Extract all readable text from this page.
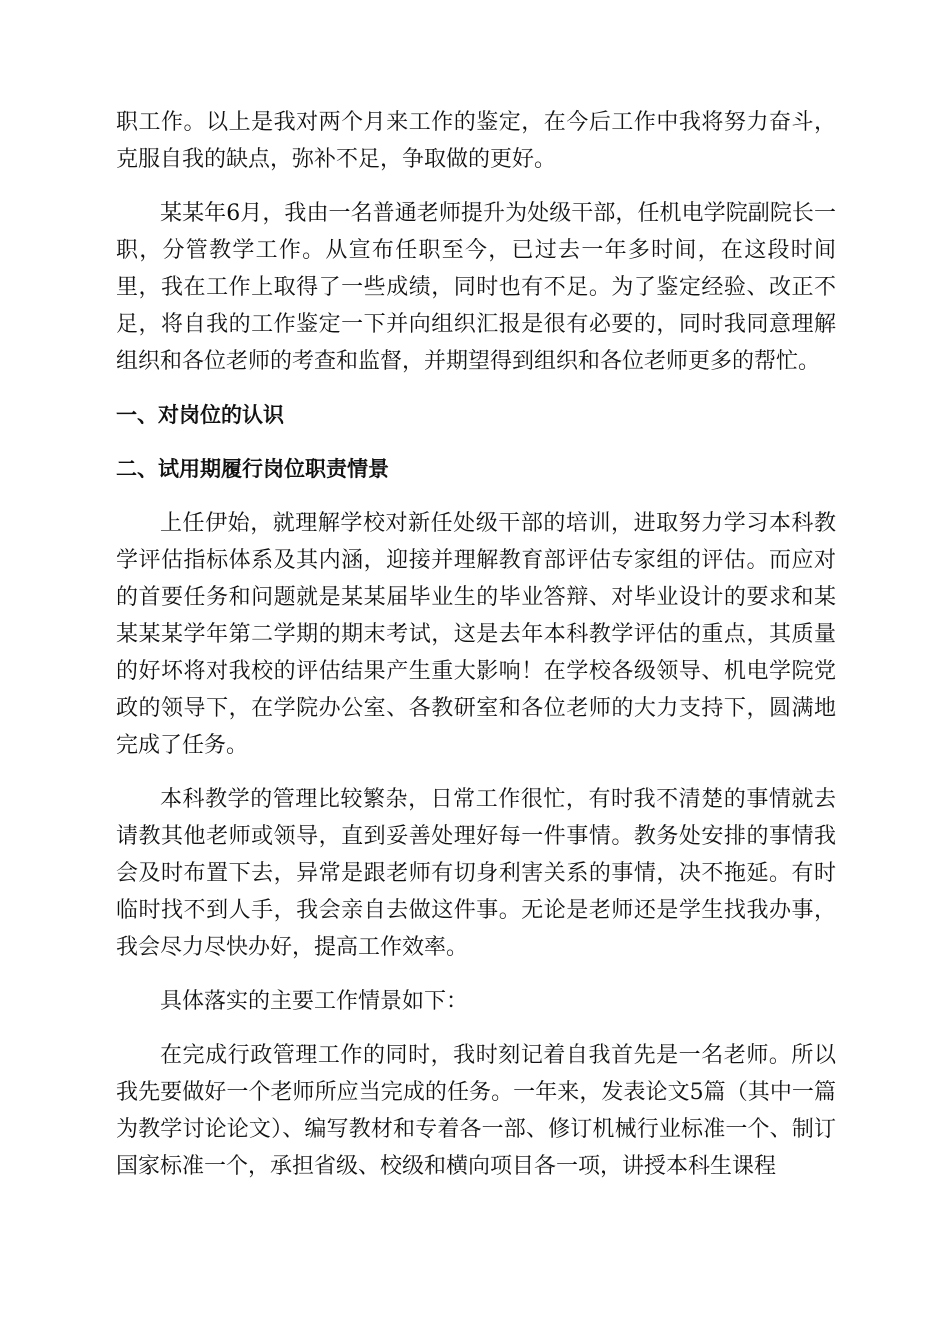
职工作。以上是我对两个月来工作的鉴定，在今后工作中我将努力奋斗，克服自我的缺点，弥补不足，争取做的更好。

某某年6月，我由一名普通老师提升为处级干部，任机电学院副院长一职，分管教学工作。从宣布任职至今，已过去一年多时间，在这段时间里，我在工作上取得了一些成绩，同时也有不足。为了鉴定经验、改正不足，将自我的工作鉴定一下并向组织汇报是很有必要的，同时我同意理解组织和各位老师的考查和监督，并期望得到组织和各位老师更多的帮忙。

一、对岗位的认识
二、试用期履行岗位职责情景

上任伊始，就理解学校对新任处级干部的培训，进取努力学习本科教学评估指标体系及其内涵，迎接并理解教育部评估专家组的评估。而应对的首要任务和问题就是某某届毕业生的毕业答辩、对毕业设计的要求和某某某某学年第二学期的期末考试，这是去年本科教学评估的重点，其质量的好坏将对我校的评估结果产生重大影响！在学校各级领导、机电学院党政的领导下，在学院办公室、各教研室和各位老师的大力支持下，圆满地完成了任务。

本科教学的管理比较繁杂，日常工作很忙，有时我不清楚的事情就去请教其他老师或领导，直到妥善处理好每一件事情。教务处安排的事情我会及时布置下去，异常是跟老师有切身利害关系的事情，决不拖延。有时临时找不到人手，我会亲自去做这件事。无论是老师还是学生找我办事，我会尽力尽快办好，提高工作效率。

具体落实的主要工作情景如下：

在完成行政管理工作的同时，我时刻记着自我首先是一名老师。所以我先要做好一个老师所应当完成的任务。一年来，发表论文5篇（其中一篇为教学讨论论文）、编写教材和专着各一部、修订机械行业标准一个、制订国家标准一个，承担省级、校级和横向项目各一项，讲授本科生课程
